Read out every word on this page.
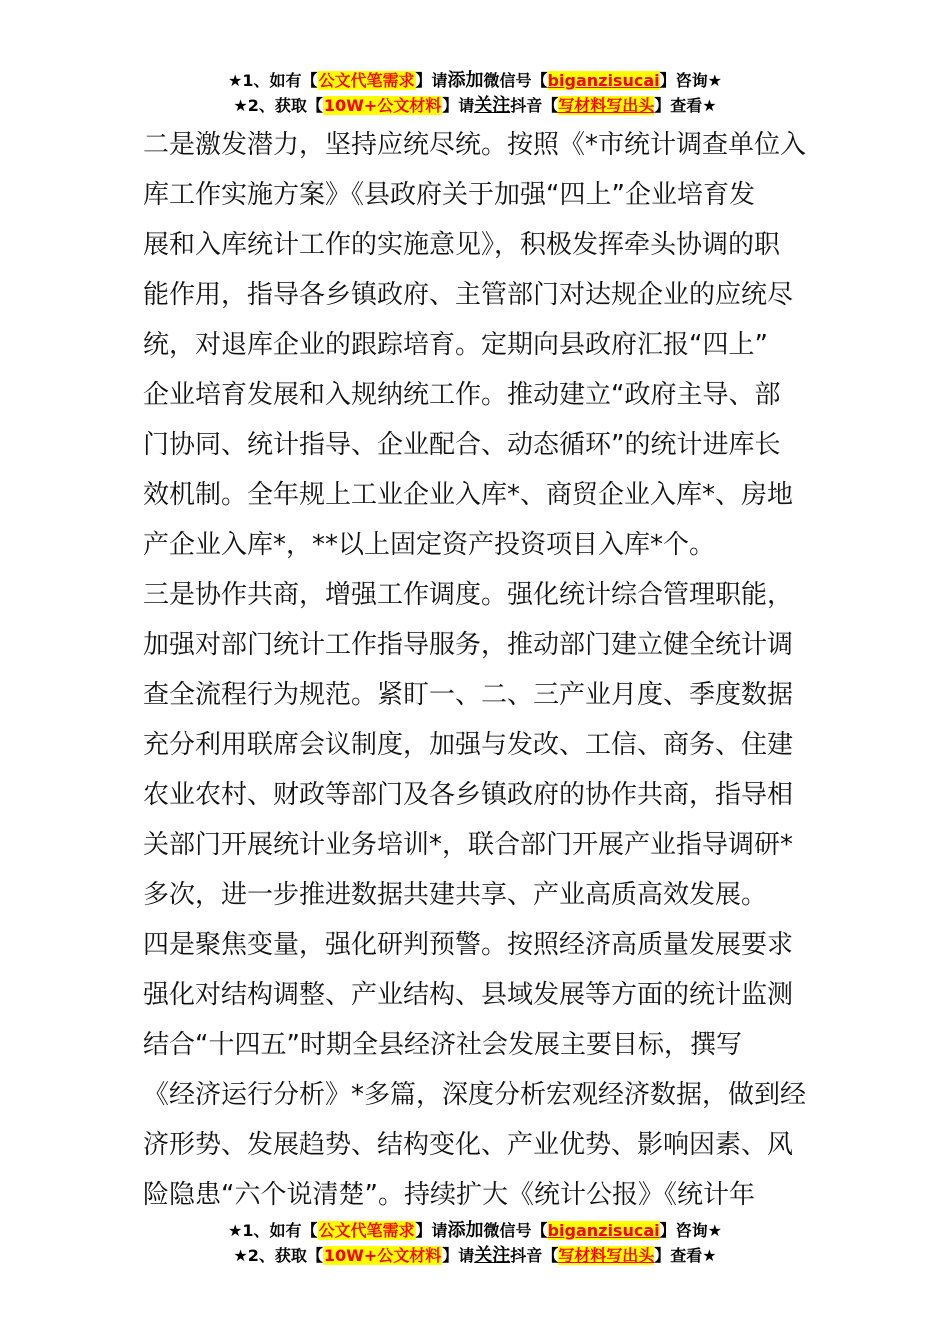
★1、如有【公文代笔需求】请添加微信号【biganzisucai】咨询★
★2、获取【10W+公文材料】请关注抖音【写材料写出头】查看★
二是激发潜力，坚持应统尽统。按照《*市统计调查单位入
库工作实施方案》《县政府关于加强“四上”企业培育发
展和入库统计工作的实施意见》，积极发挥牵头协调的职
能作用，指导各乡镇政府、主管部门对达规企业的应统尽
统，对退库企业的跟踪培育。定期向县政府汇报“四上”
企业培育发展和入规纳统工作。推动建立“政府主导、部
门协同、统计指导、企业配合、动态循环”的统计进库长
效机制。全年规上工业企业入库*、商贸企业入库*、房地
产企业入库*，**以上固定资产投资项目入库*个。
三是协作共商，增强工作调度。强化统计综合管理职能，
加强对部门统计工作指导服务，推动部门建立健全统计调
查全流程行为规范。紧盯一、二、三产业月度、季度数据
充分利用联席会议制度，加强与发改、工信、商务、住建
农业农村、财政等部门及各乡镇政府的协作共商，指导相
关部门开展统计业务培训*，联合部门开展产业指导调研*
多次，进一步推进数据共建共享、产业高质高效发展。
四是聚焦变量，强化研判预警。按照经济高质量发展要求
强化对结构调整、产业结构、县域发展等方面的统计监测
结合“十四五”时期全县经济社会发展主要目标，撰写
《经济运行分析》*多篇，深度分析宏观经济数据，做到经
济形势、发展趋势、结构变化、产业优势、影响因素、风
险隐患“六个说清楚”。持续扩大《统计公报》《统计年
★1、如有【公文代笔需求】请添加微信号【biganzisucai】咨询★
★2、获取【10W+公文材料】请关注抖音【写材料写出头】查看★
